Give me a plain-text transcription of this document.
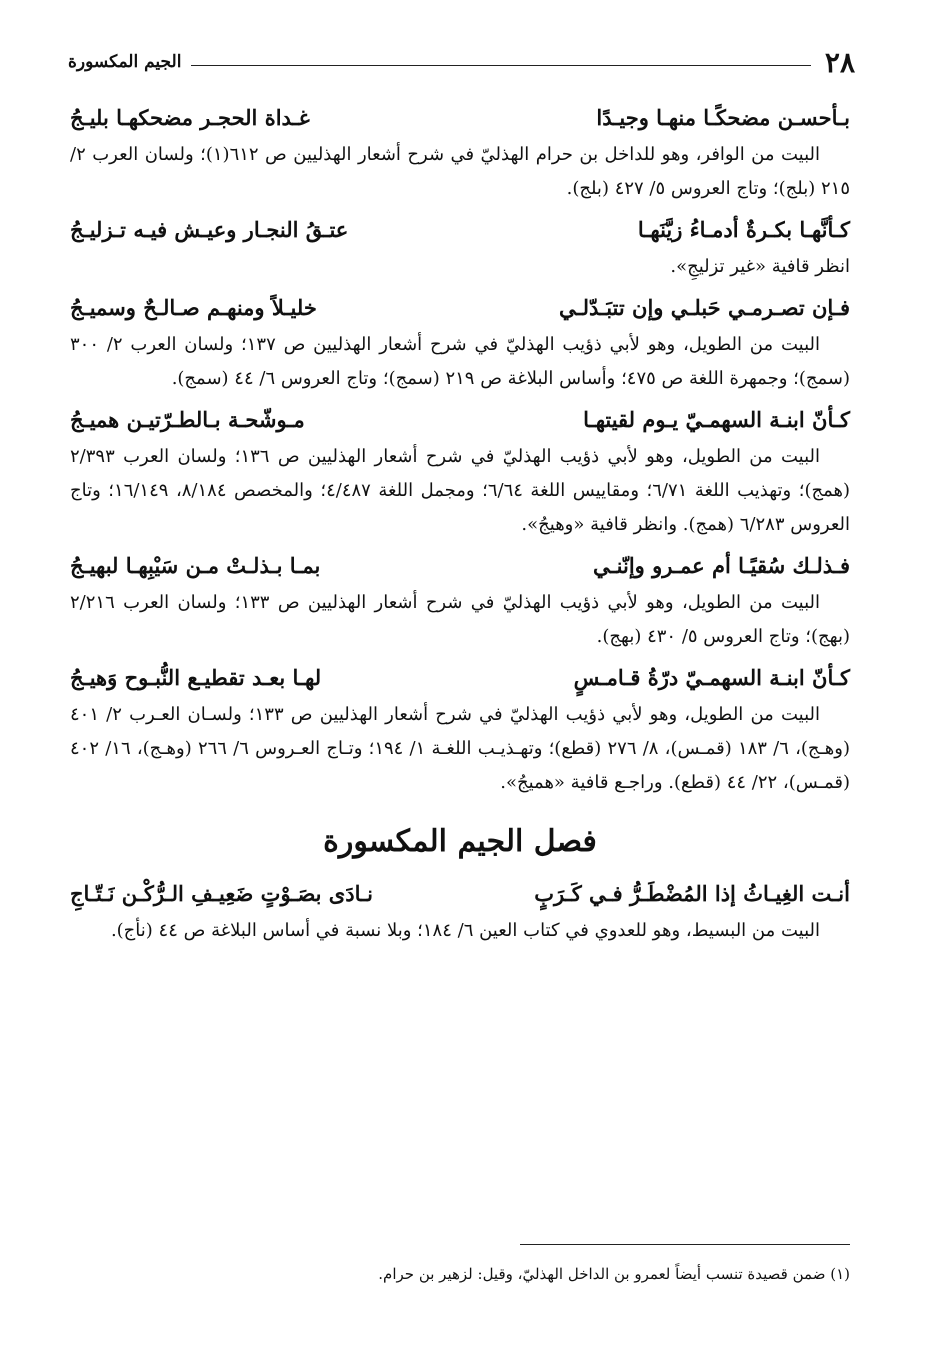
٢٨
الجيم المكسورة
بـأحسـن مضحكًـا منهـا وجيـدًا
غـداة الحجـر مضحكهـا بليـجُ
البيت من الوافر، وهو للداخل بن حرام الهذليّ في شرح أشعار الهذليين ص ٦١٢(١)؛ ولسان العرب ٢/ ٢١٥ (بلج)؛ وتاج العروس ٥/ ٤٢٧ (بلج).
كـأنَّهـا بكـرةٌ أدمـاءُ زيَّنَهـا
عتـقُ النجـار وعيـش فيـه تـزليـجُ
انظر قافية «غير تزليجِ».
فـإن تصـرمـي حَبلـي وإن تتبَـدّلـي
خليـلاً ومنهـم صـالـحٌ وسميـجُ
البيت من الطويل، وهو لأبي ذؤيب الهذليّ في شرح أشعار الهذليين ص ١٣٧؛ ولسان العرب ٢/ ٣٠٠ (سمج)؛ وجمهرة اللغة ص ٤٧٥؛ وأساس البلاغة ص ٢١٩ (سمج)؛ وتاج العروس ٦/ ٤٤ (سمج).
كـأنّ ابنـة السهمـيّ يـوم لقيتهـا
مـوشّحـة بـالطـرّتيـن هميـجُ
البيت من الطويل، وهو لأبي ذؤيب الهذليّ في شرح أشعار الهذليين ص ١٣٦؛ ولسان العرب ٢/٣٩٣ (همج)؛ وتهذيب اللغة ٦/٧١؛ ومقاييس اللغة ٦/٦٤؛ ومجمل اللغة ٤/٤٨٧؛ والمخصص ٨/١٨٤، ١٦/١٤٩؛ وتاج العروس ٦/٢٨٣ (همج). وانظر قافية «وهيجُ».
فـذلـك سُقيًـا أم عمـرو وإنّنـي
بمـا بـذلـتْ مـن سَيْبِهـا لبهيـجُ
البيت من الطويل، وهو لأبي ذؤيب الهذليّ في شرح أشعار الهذليين ص ١٣٣؛ ولسان العرب ٢/٢١٦ (بهج)؛ وتاج العروس ٥/ ٤٣٠ (بهج).
كـأنّ ابنـة السهمـيّ درّةُ قـامـسٍ
لهـا بعـد تقطيـع النُّبـوح وَهيـجُ
البيت من الطويل، وهو لأبي ذؤيب الهذليّ في شرح أشعار الهذليين ص ١٣٣؛ ولسـان العـرب ٢/ ٤٠١ (وهـج)، ٦/ ١٨٣ (قمـس)، ٨/ ٢٧٦ (قطع)؛ وتهـذيـب اللغـة ١/ ١٩٤؛ وتـاج العـروس ٦/ ٢٦٦ (وهـج)، ١٦/ ٤٠٢ (قمـس)، ٢٢/ ٤٤ (قطع). وراجـع قافية «هميجُ».
فصل الجيم المكسورة
أنـت الغِيـاثُ إذا المُضْطَـرُّ فـي كَـرَبٍ
نـادَى بصَـوْتٍ ضَعِيـفِ الـرُّكْـن نَـتّـاجِ
البيت من البسيط، وهو للعدوي في كتاب العين ٦/ ١٨٤؛ وبلا نسبة في أساس البلاغة ص ٤٤ (نأج).
(١) ضمن قصيدة تنسب أيضاً لعمرو بن الداخل الهذليّ، وقيل: لزهير بن حرام.
